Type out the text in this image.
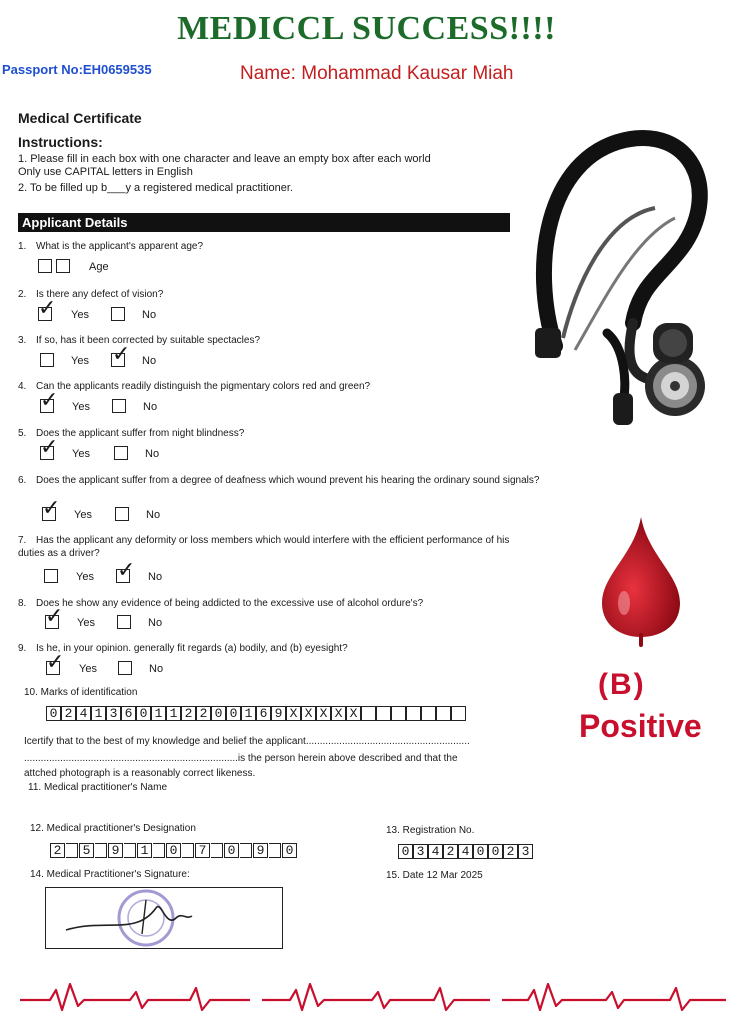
MEDICCL SUCCESS!!!!
Passport No:EH0659535	Name: Mohammad Kausar Miah
(B)
Positive
Medical Certificate
Instructions:
1. Please fill in each box with one character and leave an empty box after each world
Only use CAPITAL letters in English
2. To be filled up b___y a registered medical practitioner.
Applicant Details
1. What is the applicant's apparent age?
Age
2. Is there any defect of vision?
✓ Yes	No
3. If so, has it been corrected by suitable spectacles?
Yes ✓ No
4. Can the applicants readily distinguish the pigmentary colors red and green?
✓ Yes	No
5. Does the applicant suffer from night blindness?
✓ Yes	No
6. Does the applicant suffer from a degree of deafness which wound prevent his hearing the ordinary sound signals?
✓ Yes	No
7. Has the applicant any deformity or loss members which would interfere with the efficient performance of his duties as a driver?
Yes ✓ No
8. Does he show any evidence of being addicted to the excessive use of alcohol ordure's?
✓ Yes	No
9. Is he, in your opinion. generally fit regards (a) bodily, and (b) eyesight?
✓ Yes	No
10. Marks of identification
0 2 4 1 3 6 0 1 1 2 2 0 0 1 6 9 X X X X X
Icertify that to the best of my knowledge and belief the applicant...........................................................
.............................................................................is the person herein above described and that the
attched photograph is a reasonably correct likeness.
11. Medical practitioner's Name
12. Medical practitioner's Designation
2 5 9 1 0 7 0 9 0
13. Registration No.
0 3 4 2 4 0 0 2 3
14. Medical Practitioner's Signature:	15. Date 12 Mar 2025
